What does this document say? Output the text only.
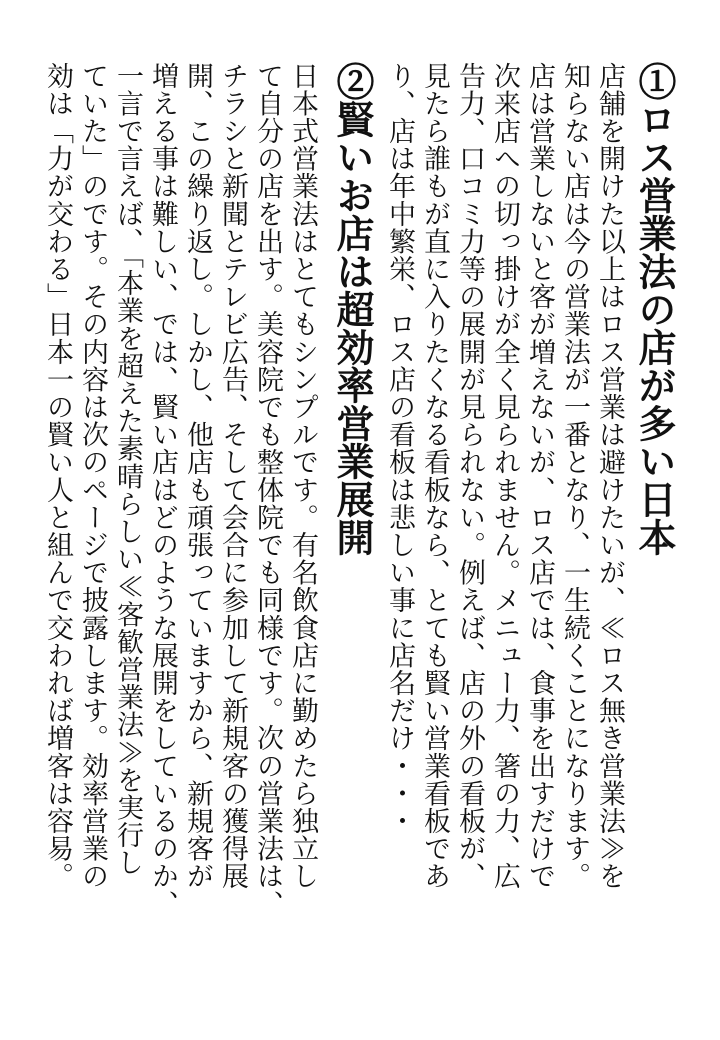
①ロス営業法の店が多い日本

店舗を開けた以上はロス営業は避けたいが、≪ロス無き営業法≫を

知らない店は今の営業法が一番となり、一生続くことになります。

店は営業しないと客が増えないが、ロス店では、食事を出すだけで

次来店への切っ掛けが全く見られません。メニュー力、箸の力、広

告力、口コミ力等の展開が見られない。例えば、店の外の看板が、

見たら誰もが直に入りたくなる看板なら、とても賢い営業看板であ

り、店は年中繁栄、ロス店の看板は悲しい事に店名だけ・・・

②賢いお店は超効率営業展開

日本式営業法はとてもシンプルです。有名飲食店に勤めたら独立し

て自分の店を出す。美容院でも整体院でも同様です。次の営業法は、

チラシと新聞とテレビ広告、そして会合に参加して新規客の獲得展

開、この繰り返し。しかし、他店も頑張っていますから、新規客が

増える事は難しい、では、賢い店はどのような展開をしているのか、

一言で言えば、「本業を超えた素晴らしい≪客歓営業法≫を実行し

ていた」のです。その内容は次のページで披露します。効率営業の

効は「力が交わる」日本一の賢い人と組んで交われば増客は容易。
